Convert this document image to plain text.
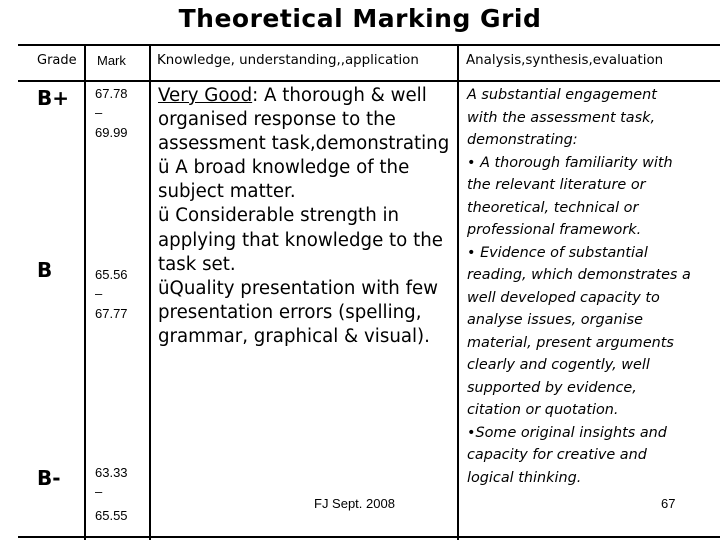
Theoretical Marking Grid
Grade Mark Knowledge, understanding,,application	Analysis,synthesis,evaluation
B+
B
B-
67.78
–
69.99
65.56
–
67.77
63.33
–
65.55
Very Good: A thorough & well
organised response to the
assessment task,demonstrating
ü A broad knowledge of the
subject matter.
ü Considerable strength in
applying that knowledge to the
task set.
üQuality presentation with few
presentation errors (spelling,
grammar, graphical & visual).
A substantial engagement
with the assessment task,
demonstrating:
• A thorough familiarity with
the relevant literature or
theoretical, technical or
professional framework.
• Evidence of substantial
reading, which demonstrates a
well developed capacity to
analyse issues, organise
material, present arguments
clearly and cogently, well
supported by evidence,
citation or quotation.
•Some original insights and
capacity for creative and
logical thinking.
FJ Sept. 2008	67
